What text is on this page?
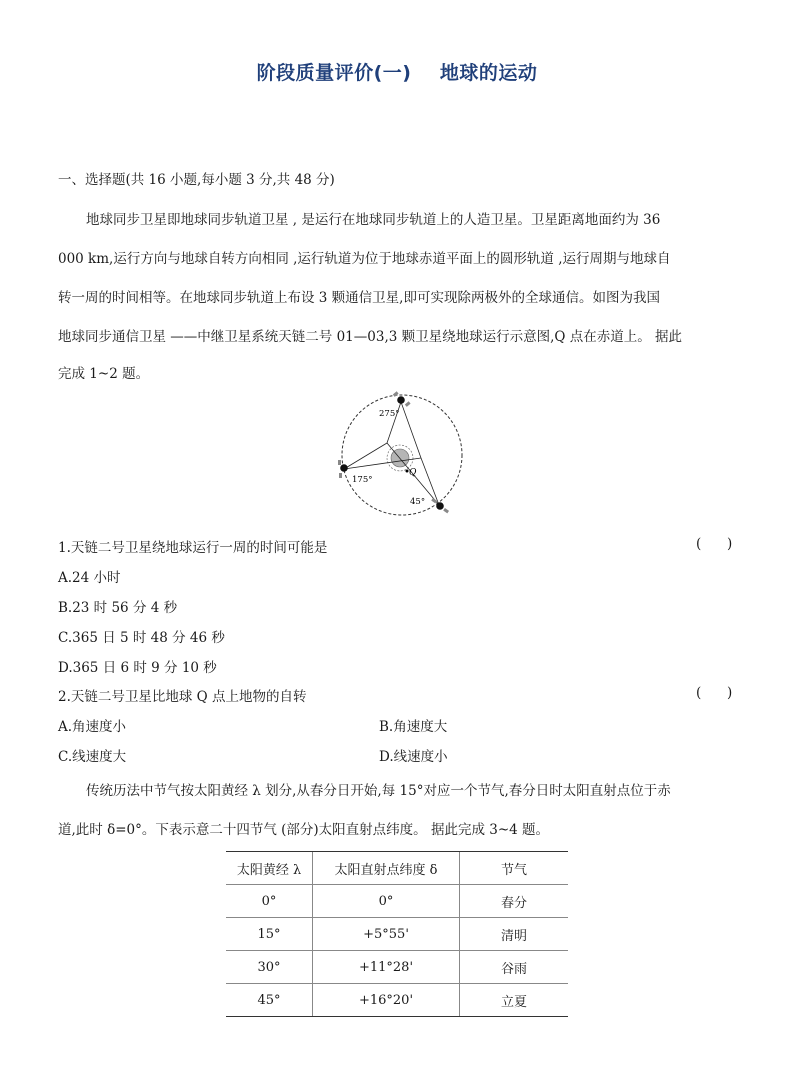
阶段质量评价(一)    地球的运动
一、选择题(共 16 小题,每小题 3 分,共 48 分)
地球同步卫星即地球同步轨道卫星 , 是运行在地球同步轨道上的人造卫星。卫星距离地面约为 36
000 km,运行方向与地球自转方向相同 ,运行轨道为位于地球赤道平面上的圆形轨道 ,运行周期与地球自
转一周的时间相等。在地球同步轨道上布设 3 颗通信卫星,即可实现除两极外的全球通信。如图为我国
地球同步通信卫星 ——中继卫星系统天链二号 01—03,3 颗卫星绕地球运行示意图,Q 点在赤道上。 据此
完成 1~2 题。
275°
175°
45°
Q
1.天链二号卫星绕地球运行一周的时间可能是	(      )
A.24 小时
B.23 时 56 分 4 秒
C.365 日 5 时 48 分 46 秒
D.365 日 6 时 9 分 10 秒
2.天链二号卫星比地球 Q 点上地物的自转	(      )
A.角速度小	B.角速度大
C.线速度大	D.线速度小
传统历法中节气按太阳黄经 λ 划分,从春分日开始,每 15°对应一个节气,春分日时太阳直射点位于赤
道,此时 δ=0°。下表示意二十四节气 (部分)太阳直射点纬度。 据此完成 3~4 题。
太阳黄经 λ	太阳直射点纬度 δ	节气
0°	0°	春分
15°	+5°55'	清明
30°	+11°28'	谷雨
45°	+16°20'	立夏
